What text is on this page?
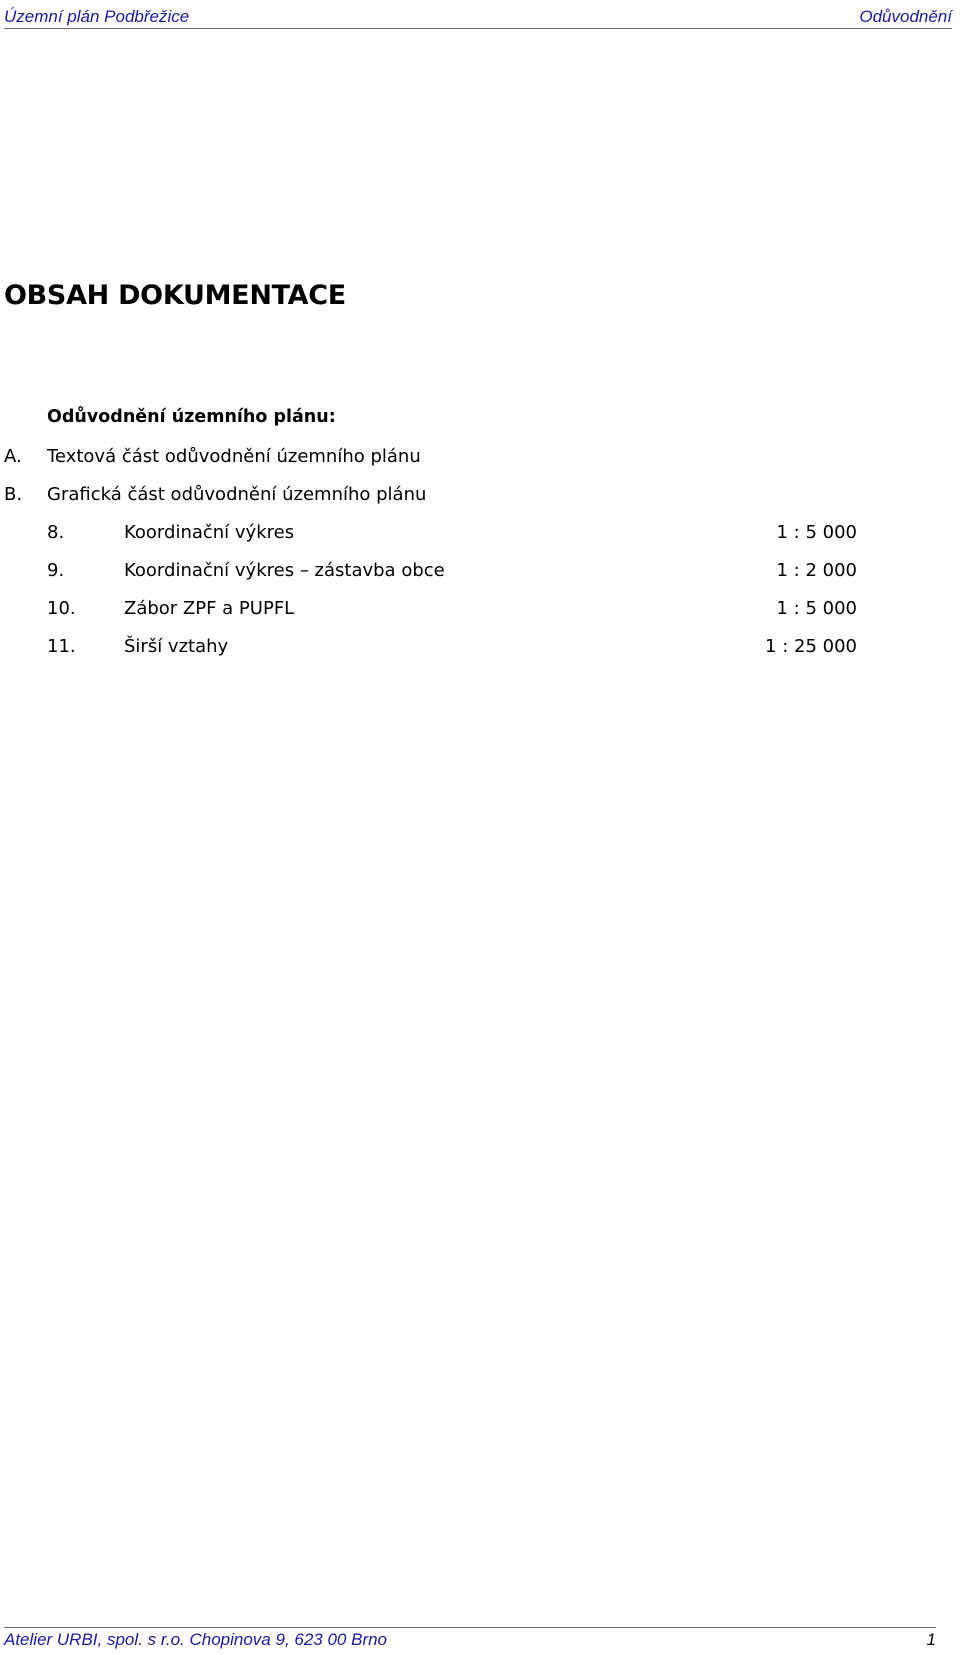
Územní plán Podbřežice	Odůvodnění
OBSAH DOKUMENTACE
Odůvodnění územního plánu:
A. Textová část odůvodnění územního plánu
B. Grafická část odůvodnění územního plánu
8.	Koordinační výkres	1 : 5 000
9.	Koordinační výkres – zástavba obce	1 : 2 000
10.	Zábor ZPF a PUPFL	1 : 5 000
11.	Širší vztahy	1 : 25 000
Atelier URBI, spol. s r.o. Chopinova 9, 623 00 Brno	1
